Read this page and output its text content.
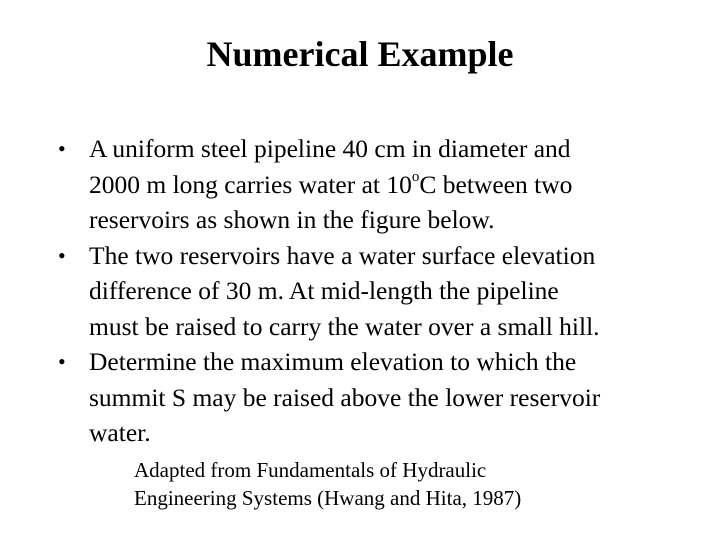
Numerical Example
• A uniform steel pipeline 40 cm in diameter and
2000 m long carries water at 10$^o$C between two
reservoirs as shown in the figure below.
• The two reservoirs have a water surface elevation
difference of 30 m. At mid-length the pipeline
must be raised to carry the water over a small hill.
• Determine the maximum elevation to which the
summit S may be raised above the lower reservoir
water.
Adapted from Fundamentals of Hydraulic
Engineering Systems (Hwang and Hita, 1987)
